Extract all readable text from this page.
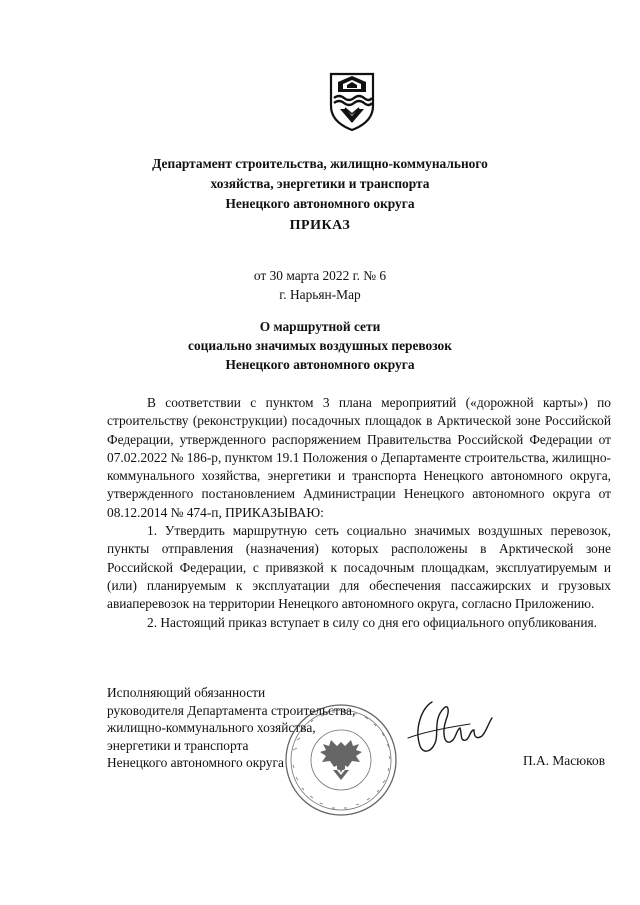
Департамент строительства, жилищно-коммунального
хозяйства, энергетики и транспорта
Ненецкого автономного округа
ПРИКАЗ
от 30 марта 2022 г. № 6
г. Нарьян-Мар
О маршрутной сети
социально значимых воздушных перевозок
Ненецкого автономного округа

В соответствии с пунктом 3 плана мероприятий («дорожной карты») по строительству (реконструкции) посадочных площадок в Арктической зоне Российской Федерации, утвержденного распоряжением Правительства Российской Федерации от 07.02.2022 № 186-р, пунктом 19.1 Положения о Департаменте строительства, жилищно-коммунального хозяйства, энергетики и транспорта Ненецкого автономного округа, утвержденного постановлением Администрации Ненецкого автономного округа от 08.12.2014 № 474-п, ПРИКАЗЫВАЮ:

1. Утвердить маршрутную сеть социально значимых воздушных перевозок, пункты отправления (назначения) которых расположены в Арктической зоне Российской Федерации, с привязкой к посадочным площадкам, эксплуатируемым и (или) планируемым к эксплуатации для обеспечения пассажирских и грузовых авиаперевозок на территории Ненецкого автономного округа, согласно Приложению.

2. Настоящий приказ вступает в силу со дня его официального опубликования.

Исполняющий обязанности
руководителя Департамента строительства,
жилищно-коммунального хозяйства,
энергетики и транспорта
Ненецкого автономного округа	П.А. Масюков
